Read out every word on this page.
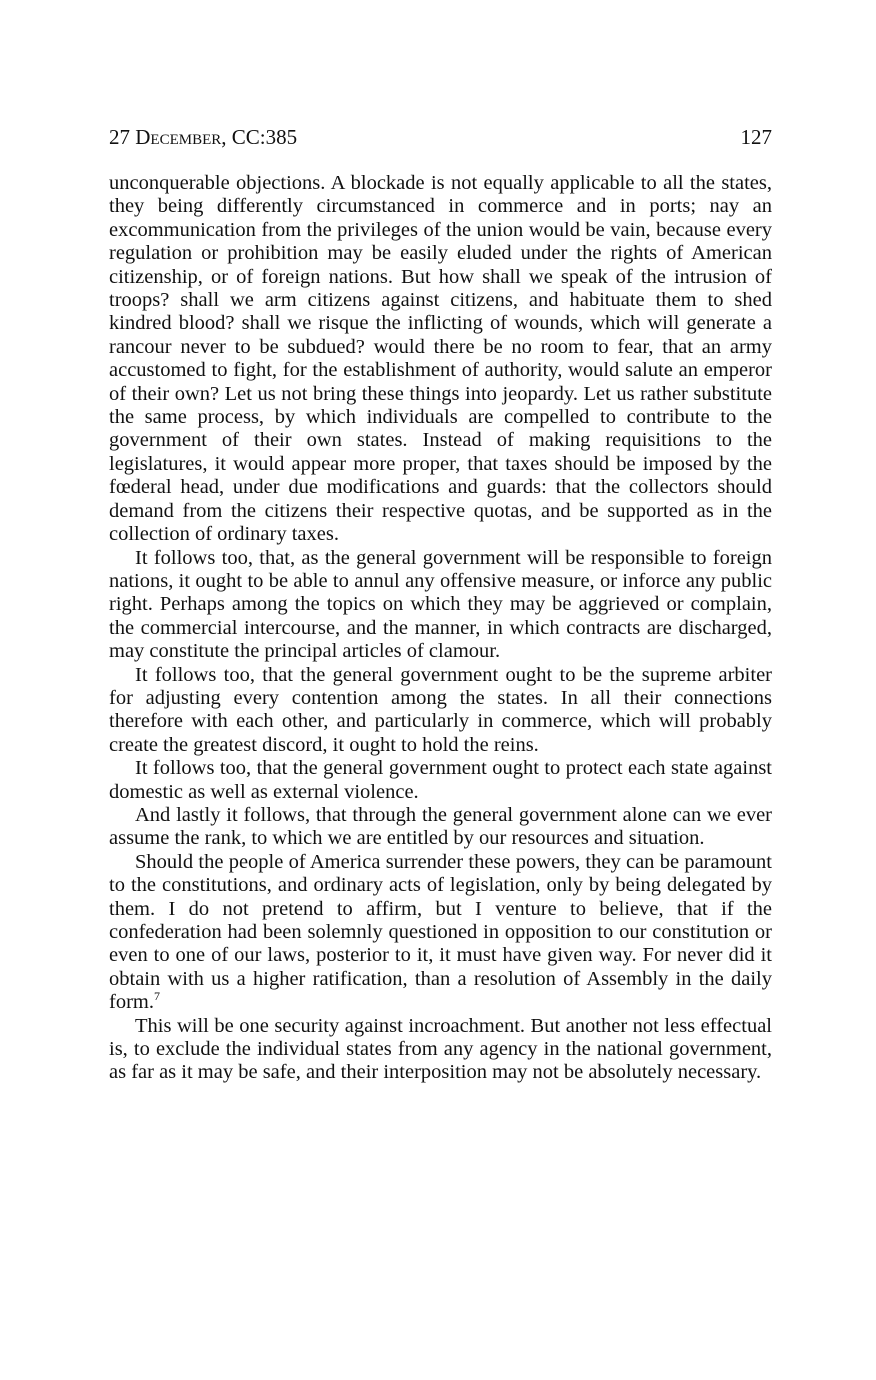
27 December, CC:385	127

unconquerable objections. A blockade is not equally applicable to all the states, they being differently circumstanced in commerce and in ports; nay an excommunication from the privileges of the union would be vain, because every regulation or prohibition may be easily eluded under the rights of American citizenship, or of foreign nations. But how shall we speak of the intrusion of troops? shall we arm citizens against citizens, and habituate them to shed kindred blood? shall we risque the inflicting of wounds, which will generate a rancour never to be subdued? would there be no room to fear, that an army accustomed to fight, for the establishment of authority, would salute an emperor of their own? Let us not bring these things into jeopardy. Let us rather substitute the same process, by which individuals are compelled to contribute to the government of their own states. Instead of making requisitions to the legislatures, it would appear more proper, that taxes should be imposed by the fœderal head, under due modifications and guards: that the collectors should demand from the citizens their respective quotas, and be supported as in the collection of ordinary taxes.

It follows too, that, as the general government will be responsible to foreign nations, it ought to be able to annul any offensive measure, or inforce any public right. Perhaps among the topics on which they may be aggrieved or complain, the commercial intercourse, and the manner, in which contracts are discharged, may constitute the principal articles of clamour.

It follows too, that the general government ought to be the supreme arbiter for adjusting every contention among the states. In all their connections therefore with each other, and particularly in commerce, which will probably create the greatest discord, it ought to hold the reins.

It follows too, that the general government ought to protect each state against domestic as well as external violence.

And lastly it follows, that through the general government alone can we ever assume the rank, to which we are entitled by our resources and situation.

Should the people of America surrender these powers, they can be paramount to the constitutions, and ordinary acts of legislation, only by being delegated by them. I do not pretend to affirm, but I venture to believe, that if the confederation had been solemnly questioned in opposition to our constitution or even to one of our laws, posterior to it, it must have given way. For never did it obtain with us a higher ratification, than a resolution of Assembly in the daily form.$^7$

This will be one security against incroachment. But another not less effectual is, to exclude the individual states from any agency in the national government, as far as it may be safe, and their interposition may not be absolutely necessary.
